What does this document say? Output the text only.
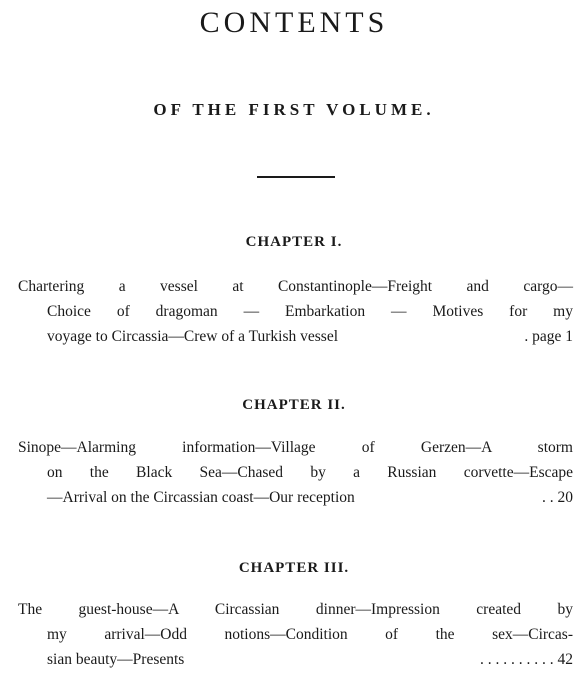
CONTENTS
OF THE FIRST VOLUME.
CHAPTER I.
Chartering a vessel at Constantinople—Freight and cargo—
Choice of dragoman — Embarkation — Motives for my
voyage to Circassia—Crew of a Turkish vessel	. page 1
CHAPTER II.
Sinope—Alarming information—Village of Gerzen—A storm
on the Black Sea—Chased by a Russian corvette—Escape
—Arrival on the Circassian coast—Our reception	. . 20
CHAPTER III.
The guest-house—A Circassian dinner—Impression created by
my arrival—Odd notions—Condition of the sex—Circas-
sian beauty—Presents	. . . . . . . . . . 42
